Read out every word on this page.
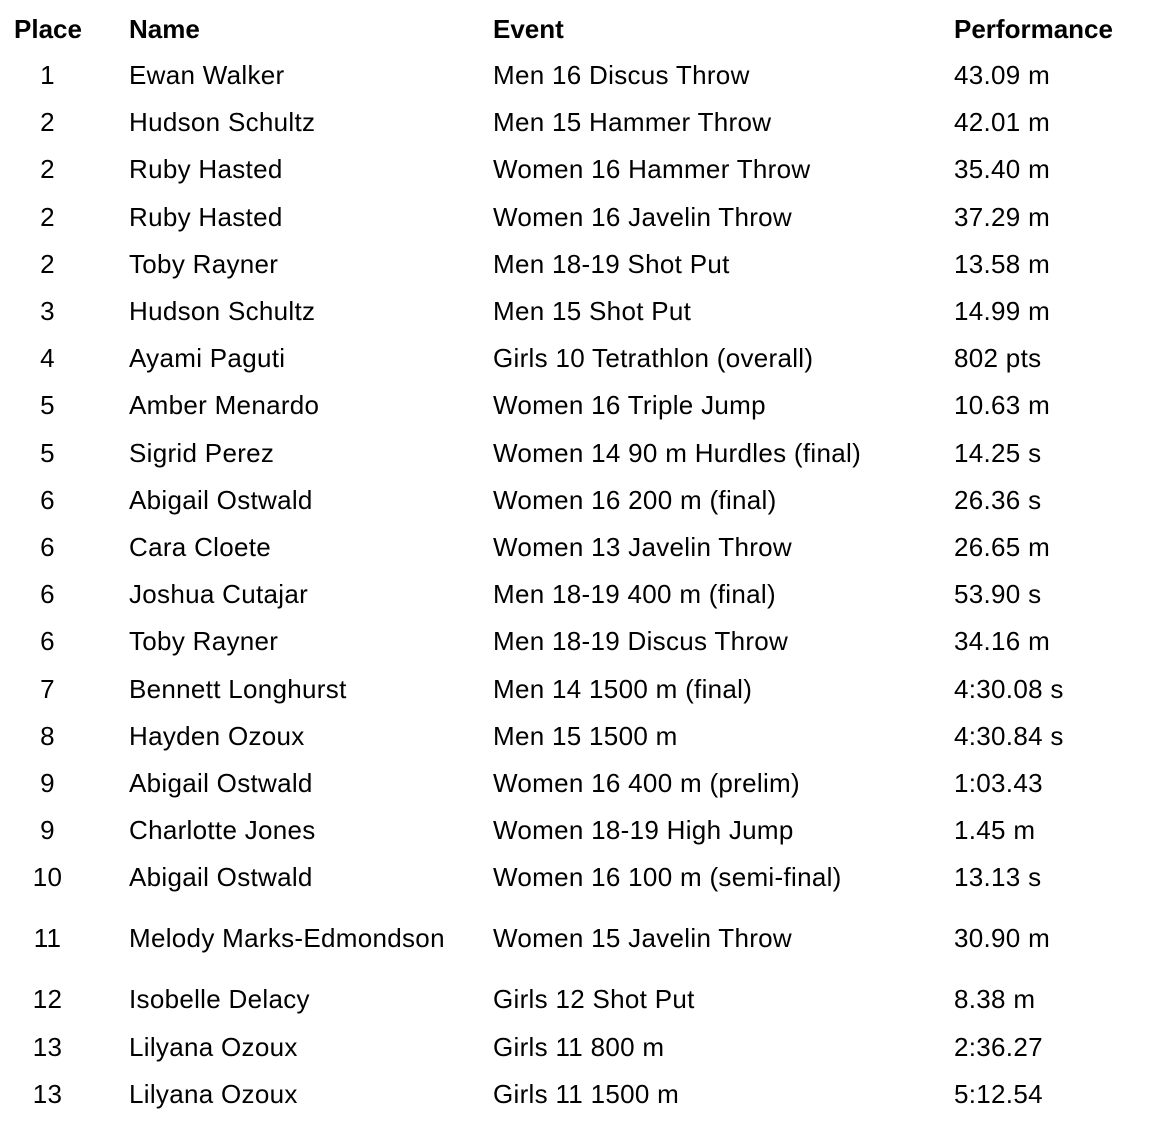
Place	Name	Event	Performance
1	Ewan Walker	Men 16 Discus Throw	43.09 m
2	Hudson Schultz	Men 15 Hammer Throw	42.01 m
2	Ruby Hasted	Women 16 Hammer Throw	35.40 m
2	Ruby Hasted	Women 16 Javelin Throw	37.29 m
2	Toby Rayner	Men 18-19 Shot Put	13.58 m
3	Hudson Schultz	Men 15 Shot Put	14.99 m
4	Ayami Paguti	Girls 10 Tetrathlon (overall)	802 pts
5	Amber Menardo	Women 16 Triple Jump	10.63 m
5	Sigrid Perez	Women 14 90 m Hurdles (final)	14.25 s
6	Abigail Ostwald	Women 16 200 m (final)	26.36 s
6	Cara Cloete	Women 13 Javelin Throw	26.65 m
6	Joshua Cutajar	Men 18-19 400 m (final)	53.90 s
6	Toby Rayner	Men 18-19 Discus Throw	34.16 m
7	Bennett Longhurst	Men 14 1500 m (final)	4:30.08 s
8	Hayden Ozoux	Men 15 1500 m	4:30.84 s
9	Abigail Ostwald	Women 16 400 m (prelim)	1:03.43
9	Charlotte Jones	Women 18-19 High Jump	1.45 m
10	Abigail Ostwald	Women 16 100 m (semi-final)	13.13 s
11	Melody Marks-Edmondson	Women 15 Javelin Throw	30.90 m
12	Isobelle Delacy	Girls 12 Shot Put	8.38 m
13	Lilyana Ozoux	Girls 11 800 m	2:36.27
13	Lilyana Ozoux	Girls 11 1500 m	5:12.54
